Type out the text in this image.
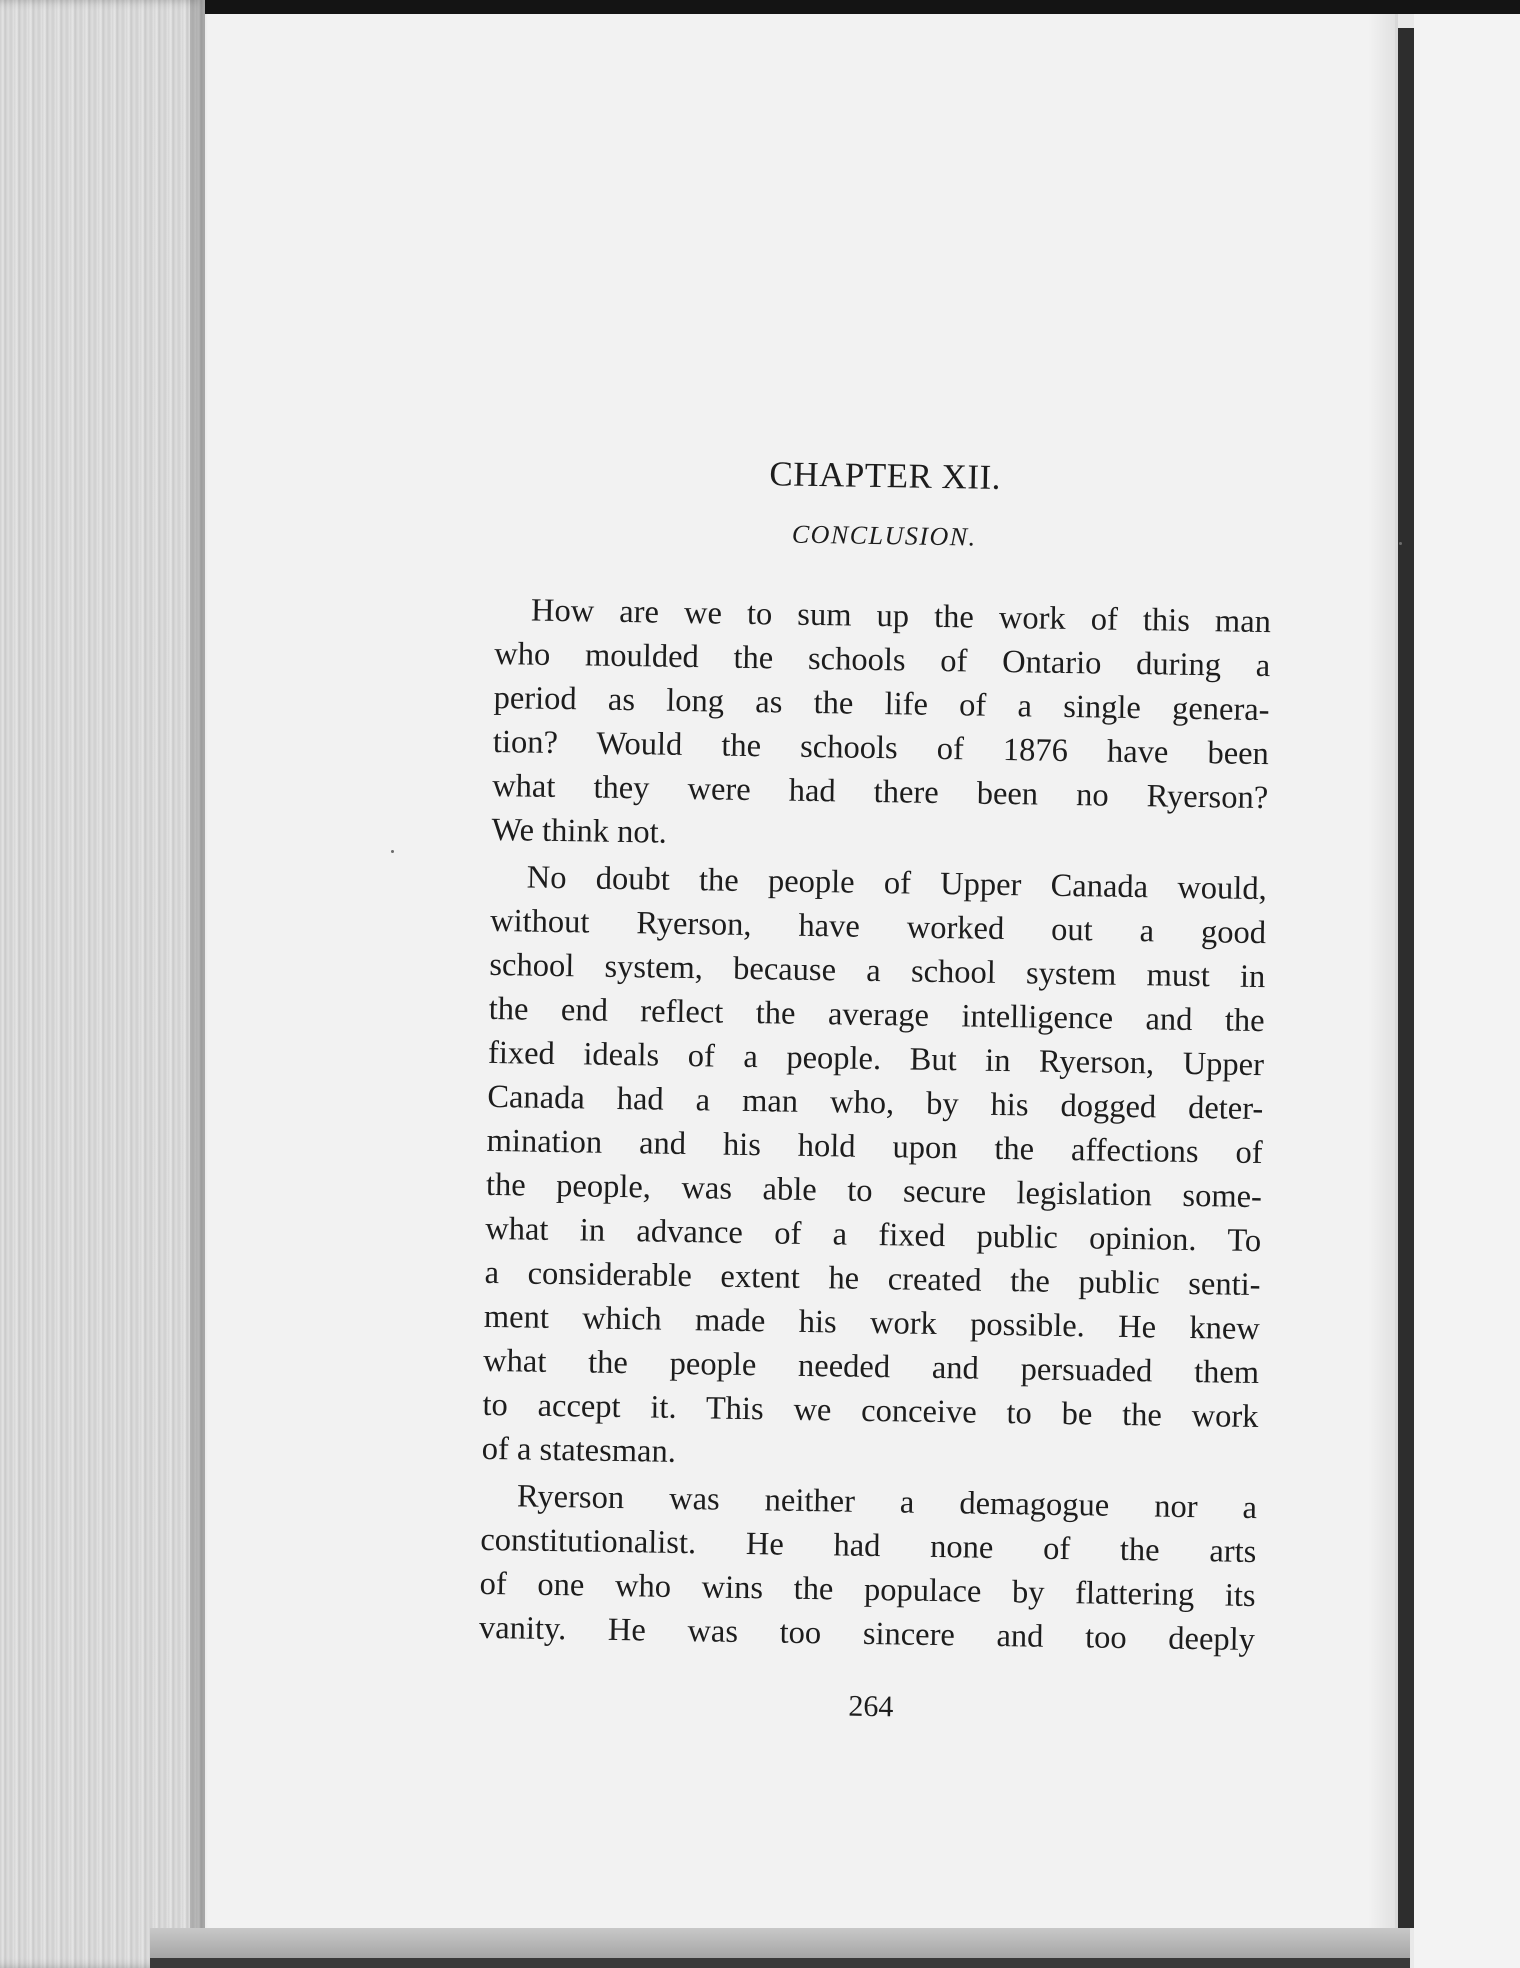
CHAPTER XII.
CONCLUSION.
How are we to sum up the work of this man
who moulded the schools of Ontario during a
period as long as the life of a single genera-
tion? Would the schools of 1876 have been
what they were had there been no Ryerson?
We think not.
No doubt the people of Upper Canada would,
without Ryerson, have worked out a good
school system, because a school system must in
the end reflect the average intelligence and the
fixed ideals of a people. But in Ryerson, Upper
Canada had a man who, by his dogged deter-
mination and his hold upon the affections of
the people, was able to secure legislation some-
what in advance of a fixed public opinion. To
a considerable extent he created the public senti-
ment which made his work possible. He knew
what the people needed and persuaded them
to accept it. This we conceive to be the work
of a statesman.
Ryerson was neither a demagogue nor a
constitutionalist. He had none of the arts
of one who wins the populace by flattering its
vanity. He was too sincere and too deeply
264
